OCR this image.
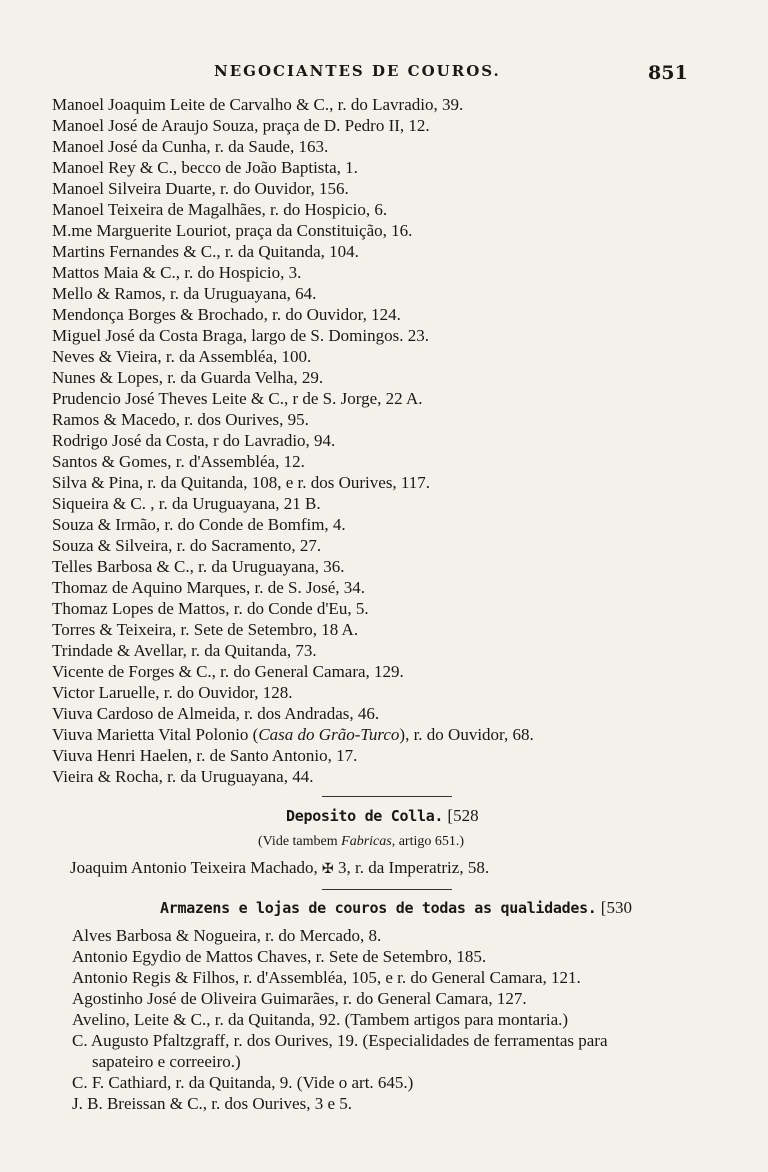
NEGOCIANTES DE COUROS.	851
Manoel Joaquim Leite de Carvalho & C., r. do Lavradio, 39.
Manoel José de Araujo Souza, praça de D. Pedro II, 12.
Manoel José da Cunha, r. da Saude, 163.
Manoel Rey & C., becco de João Baptista, 1.
Manoel Silveira Duarte, r. do Ouvidor, 156.
Manoel Teixeira de Magalhães, r. do Hospicio, 6.
M.me Marguerite Louriot, praça da Constituição, 16.
Martins Fernandes & C., r. da Quitanda, 104.
Mattos Maia & C., r. do Hospicio, 3.
Mello & Ramos, r. da Uruguayana, 64.
Mendonça Borges & Brochado, r. do Ouvidor, 124.
Miguel José da Costa Braga, largo de S. Domingos. 23.
Neves & Vieira, r. da Assembléa, 100.
Nunes & Lopes, r. da Guarda Velha, 29.
Prudencio José Theves Leite & C., r de S. Jorge, 22 A.
Ramos & Macedo, r. dos Ourives, 95.
Rodrigo José da Costa, r do Lavradio, 94.
Santos & Gomes, r. d'Assembléa, 12.
Silva & Pina, r. da Quitanda, 108, e r. dos Ourives, 117.
Siqueira & C. , r. da Uruguayana, 21 B.
Souza & Irmão, r. do Conde de Bomfim, 4.
Souza & Silveira, r. do Sacramento, 27.
Telles Barbosa & C., r. da Uruguayana, 36.
Thomaz de Aquino Marques, r. de S. José, 34.
Thomaz Lopes de Mattos, r. do Conde d'Eu, 5.
Torres & Teixeira, r. Sete de Setembro, 18 A.
Trindade & Avellar, r. da Quitanda, 73.
Vicente de Forges & C., r. do General Camara, 129.
Victor Laruelle, r. do Ouvidor, 128.
Viuva Cardoso de Almeida, r. dos Andradas, 46.
Viuva Marietta Vital Polonio (Casa do Grão-Turco), r. do Ouvidor, 68.
Viuva Henri Haelen, r. de Santo Antonio, 17.
Vieira & Rocha, r. da Uruguayana, 44.
Deposito de Colla. [528
(Vide tambem Fabricas, artigo 651.)
Joaquim Antonio Teixeira Machado, ✠ 3, r. da Imperatriz, 58.
Armazens e lojas de couros de todas as qualidades. [530
Alves Barbosa & Nogueira, r. do Mercado, 8.
Antonio Egydio de Mattos Chaves, r. Sete de Setembro, 185.
Antonio Regis & Filhos, r. d'Assembléa, 105, e r. do General Camara, 121.
Agostinho José de Oliveira Guimarães, r. do General Camara, 127.
Avelino, Leite & C., r. da Quitanda, 92. (Tambem artigos para montaria.)
C. Augusto Pfaltzgraff, r. dos Ourives, 19. (Especialidades de ferramentas para
sapateiro e correeiro.)
C. F. Cathiard, r. da Quitanda, 9. (Vide o art. 645.)
J. B. Breissan & C., r. dos Ourives, 3 e 5.
